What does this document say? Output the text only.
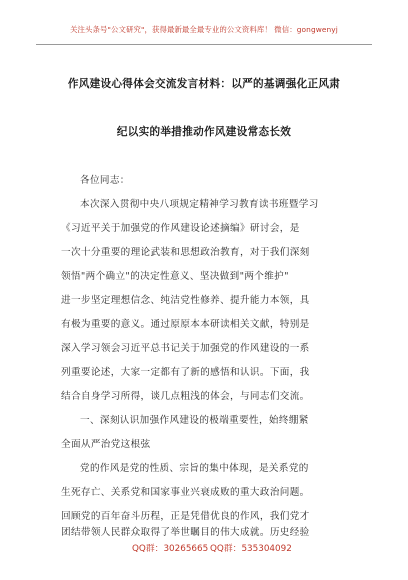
关注头条号"公文研究"，获得最新最全最专业的公文资料库！ 微信：gongwenyj
作风建设心得体会交流发言材料：以严的基调强化正风肃
纪以实的举措推动作风建设常态长效
各位同志：
本次深入贯彻中央八项规定精神学习教育读书班暨学习
《习近平关于加强党的作风建设论述摘编》研讨会，是
一次十分重要的理论武装和思想政治教育，对于我们深刻
领悟"两个确立"的决定性意义、坚决做到"两个维护"
进一步坚定理想信念、纯洁党性修养、提升能力本领，具
有极为重要的意义。通过原原本本研读相关文献，特别是
深入学习领会习近平总书记关于加强党的作风建设的一系
列重要论述，大家一定都有了新的感悟和认识。下面，我
结合自身学习所得，谈几点粗浅的体会，与同志们交流。
一、深刻认识加强作风建设的极端重要性，始终绷紧
全面从严治党这根弦
党的作风是党的性质、宗旨的集中体现，是关系党的
生死存亡、关系党和国家事业兴衰成败的重大政治问题。
回顾党的百年奋斗历程，正是凭借优良的作风，我们党才
团结带领人民群众取得了举世瞩目的伟大成就。历史经验
QQ群：30265665 QQ群：535304092
